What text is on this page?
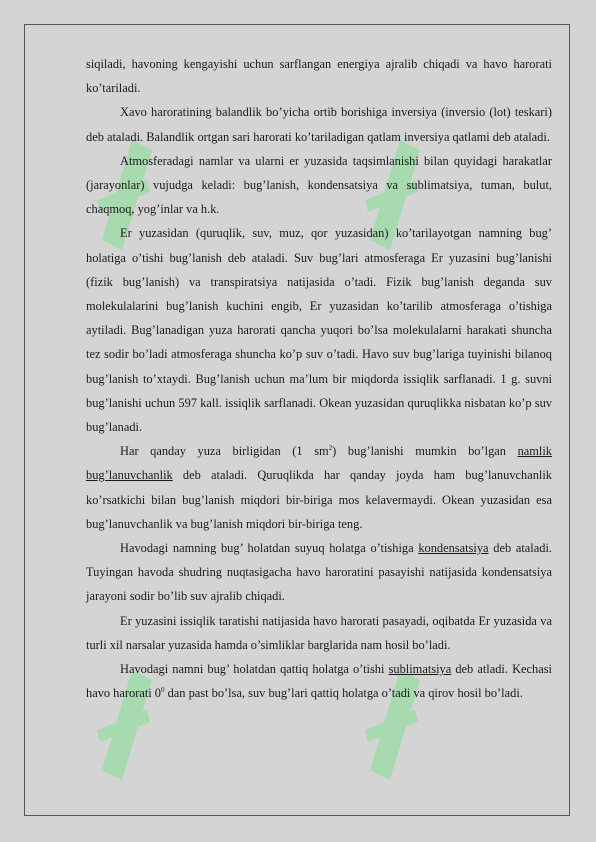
siqiladi, havoning kengayishi uchun sarflangan energiya ajralib chiqadi va havo harorati ko’tariladi.

Xavo haroratining balandlik bo’yicha ortib borishiga inversiya (inversio (lot) teskari) deb ataladi. Balandlik ortgan sari harorati ko’tariladigan qatlam inversiya qatlami deb ataladi.

Atmosferadagi namlar va ularni er yuzasida taqsimlanishi bilan quyidagi harakatlar (jarayonlar) vujudga keladi: bug’lanish, kondensatsiya va sublimatsiya, tuman, bulut, chaqmoq, yog’inlar va h.k.

Er yuzasidan (quruqlik, suv, muz, qor yuzasidan) ko’tarilayotgan namning bug’ holatiga o’tishi bug’lanish deb ataladi. Suv bug’lari atmosferaga Er yuzasini bug’lanishi (fizik bug’lanish) va transpiratsiya natijasida o’tadi. Fizik bug’lanish deganda suv molekulalarini bug’lanish kuchini engib, Er yuzasidan ko’tarilib atmosferaga o’tishiga aytiladi. Bug’lanadigan yuza harorati qancha yuqori bo’lsa molekulalarni harakati shuncha tez sodir bo’ladi atmosferaga shuncha ko’p suv o’tadi. Havo suv bug’lariga tuyinishi bilanoq bug’lanish to’xtaydi. Bug’lanish uchun ma’lum bir miqdorda issiqlik sarflanadi. 1 g. suvni bug’lanishi uchun 597 kall. issiqlik sarflanadi. Okean yuzasidan quruqlikka nisbatan ko’p suv bug’lanadi.

Har qanday yuza birligidan (1 $sm^2$) bug’lanishi mumkin bo’lgan namlik bug’lanuvchanlik deb ataladi. Quruqlikda har qanday joyda ham bug’lanuvchanlik ko’rsatkichi bilan bug’lanish miqdori bir-biriga mos kelavermaydi. Okean yuzasidan esa bug’lanuvchanlik va bug’lanish miqdori bir-biriga teng.

Havodagi namning bug’ holatdan suyuq holatga o’tishiga kondensatsiya deb ataladi. Tuyingan havoda shudring nuqtasigacha havo haroratini pasayishi natijasida kondensatsiya jarayoni sodir bo’lib suv ajralib chiqadi.

Er yuzasini issiqlik taratishi natijasida havo harorati pasayadi, oqibatda Er yuzasida va turli xil narsalar yuzasida hamda o’simliklar barglarida nam hosil bo’ladi.

Havodagi namni bug’ holatdan qattiq holatga o’tishi sublimatsiya deb atladi. Kechasi havo harorati $0^0$ dan past bo’lsa, suv bug’lari qattiq holatga o’tadi va qirov hosil bo’ladi.
